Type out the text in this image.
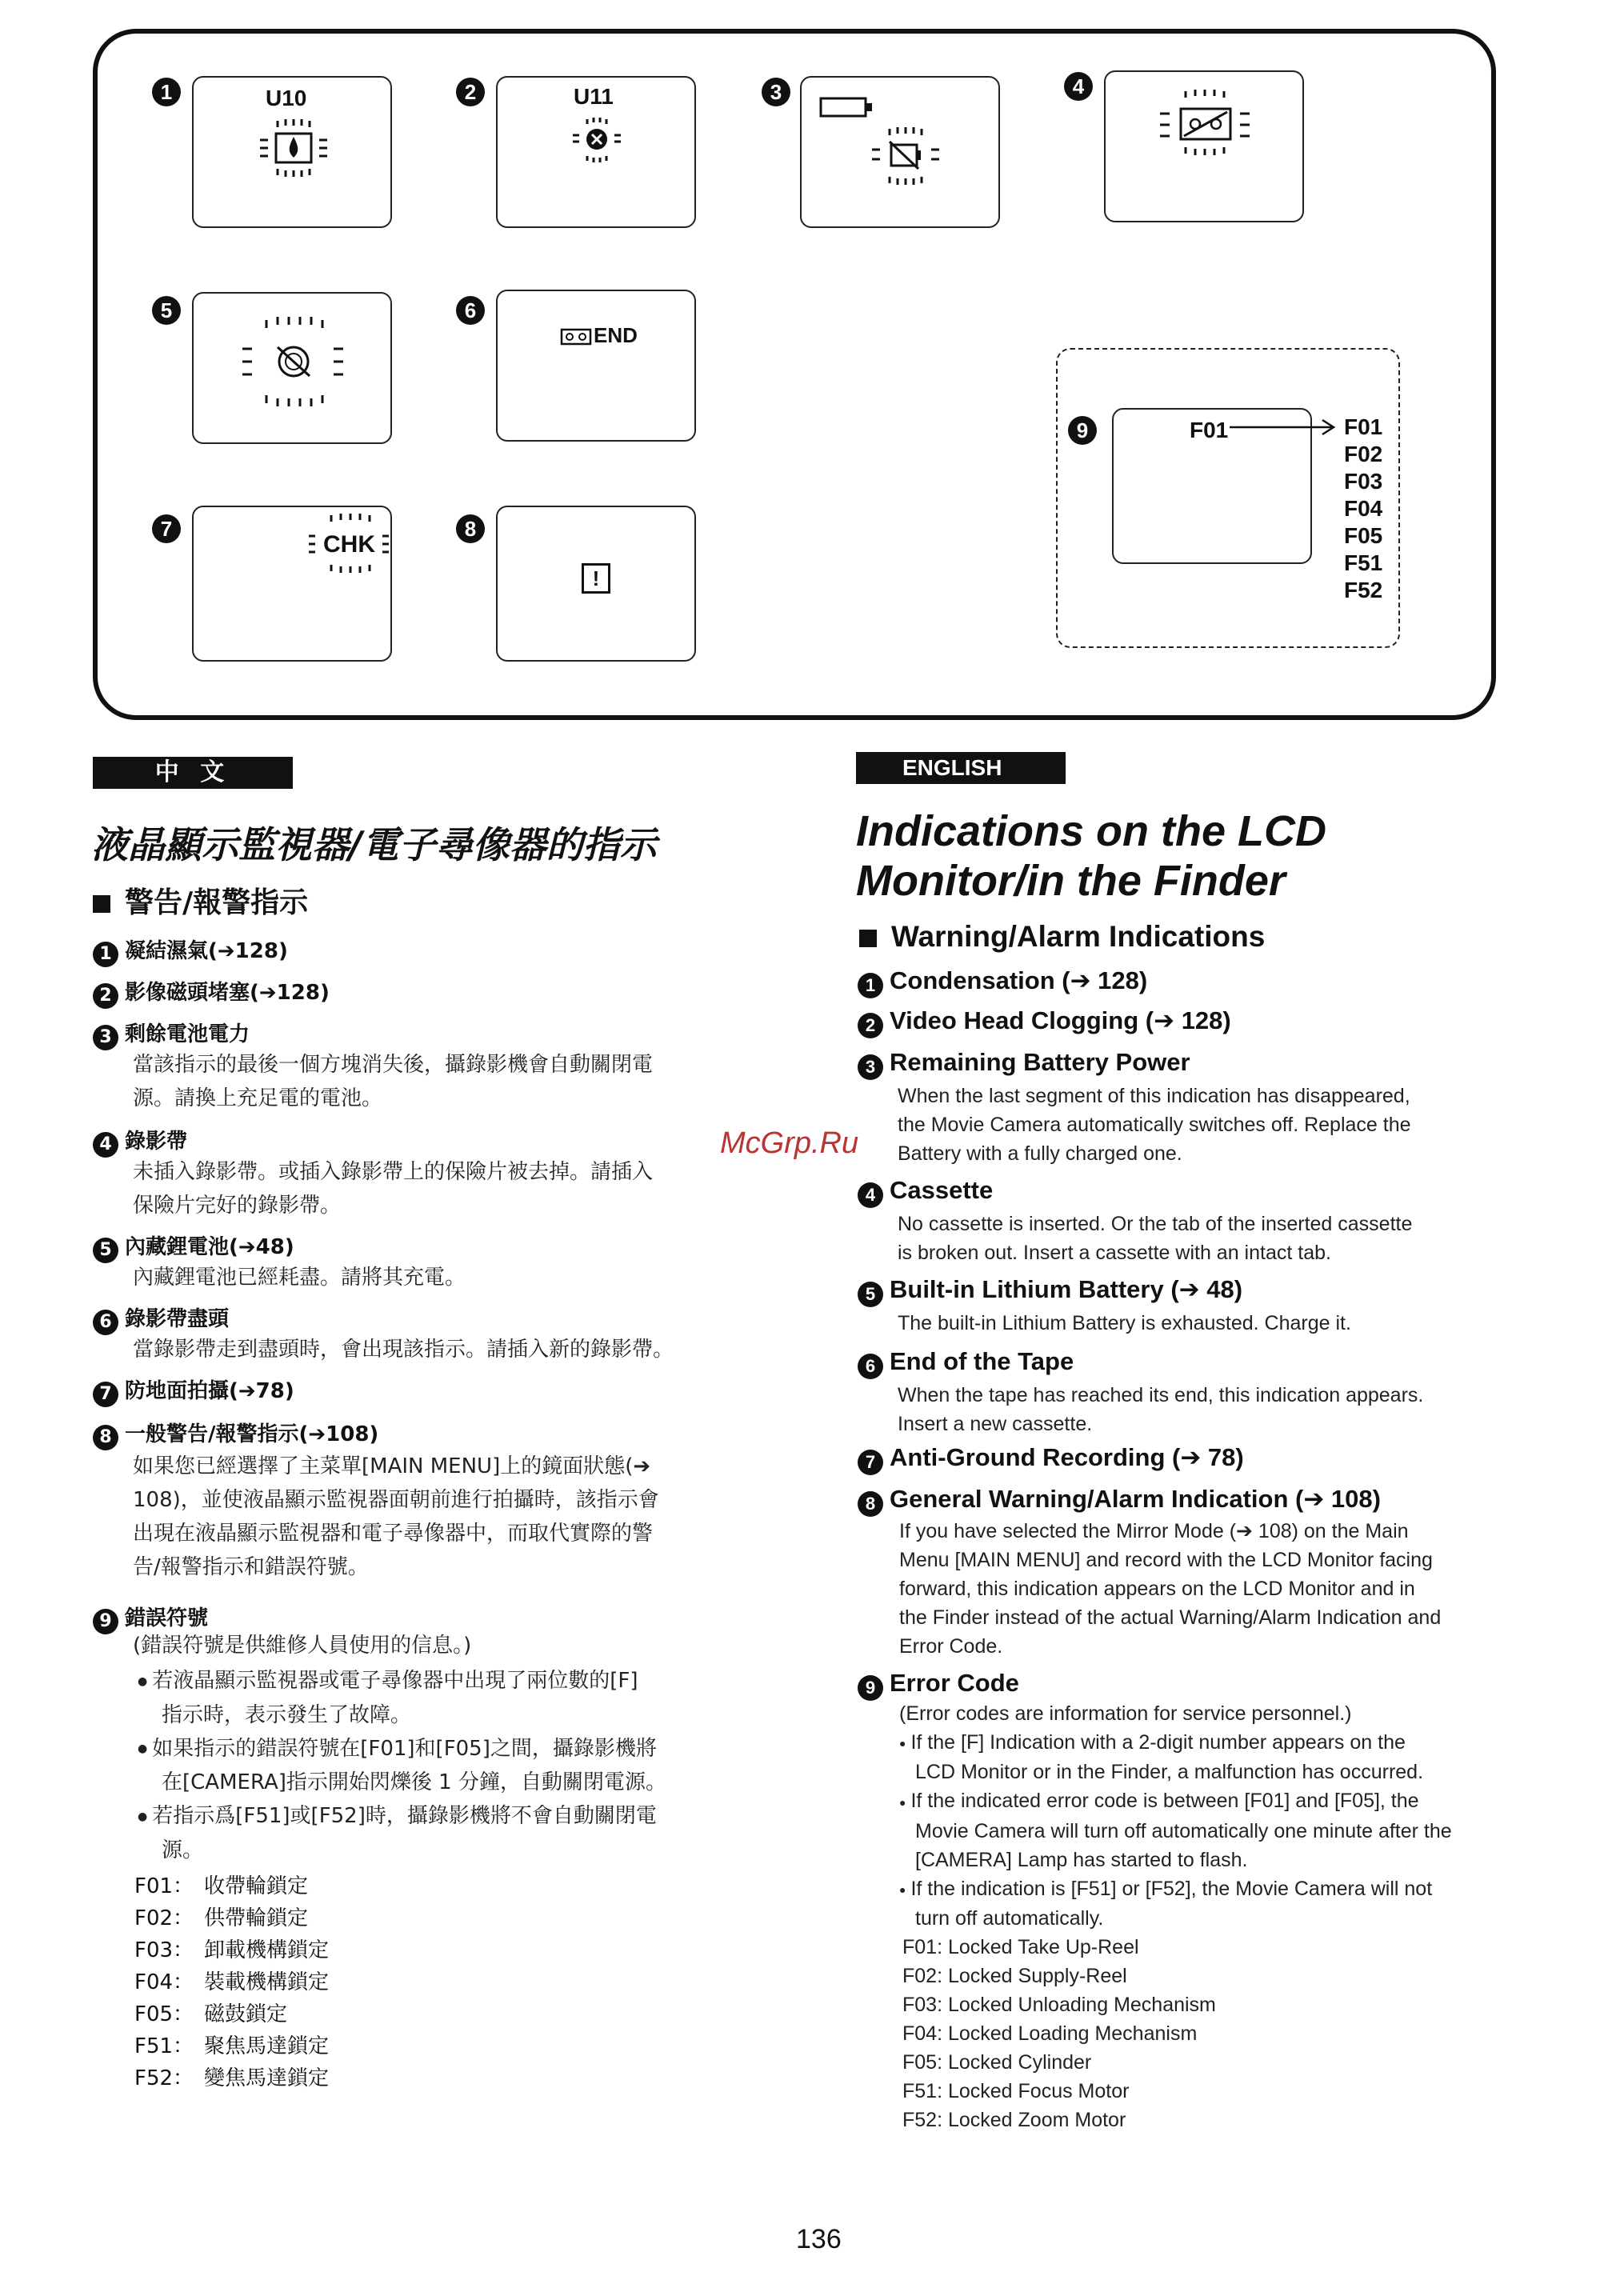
1	U10	2	U11	3	4
5	6
END
7
CHK
8
!
9	F01	F01
F02
F03
F04
F05
F51
F52
中 文
液晶顯示監視器/電子尋像器的指示
警告/報警指示
1 凝結濕氣(➔128)
2 影像磁頭堵塞(➔128)
3 剩餘電池電力
當該指示的最後一個方塊消失後，攝錄影機會自動關閉電
源。請換上充足電的電池。
4 錄影帶
未插入錄影帶。或插入錄影帶上的保險片被去掉。請插入
保險片完好的錄影帶。
5 內藏鋰電池(➔48)
內藏鋰電池已經耗盡。請將其充電。
6 錄影帶盡頭
當錄影帶走到盡頭時，會出現該指示。請插入新的錄影帶。
7 防地面拍攝(➔78)
8 一般警告/報警指示(➔108)
如果您已經選擇了主菜單[MAIN MENU]上的鏡面狀態(➔
108)，並使液晶顯示監視器面朝前進行拍攝時，該指示會
出現在液晶顯示監視器和電子尋像器中，而取代實際的警
告/報警指示和錯誤符號。
9 錯誤符號
(錯誤符號是供維修人員使用的信息。)
● 若液晶顯示監視器或電子尋像器中出現了兩位數的[F]
指示時，表示發生了故障。
● 如果指示的錯誤符號在[F01]和[F05]之間，攝錄影機將
在[CAMERA]指示開始閃爍後 1 分鐘，自動關閉電源。
● 若指示爲[F51]或[F52]時，攝錄影機將不會自動關閉電
源。
F01：　收帶輪鎖定
F02：　供帶輪鎖定
F03：　卸載機構鎖定
F04：　裝載機構鎖定
F05：　磁鼓鎖定
F51：　聚焦馬達鎖定
F52：　變焦馬達鎖定
McGrp.Ru
ENGLISH
Indications on the LCD
Monitor/in the Finder
Warning/Alarm Indications
1 Condensation (➔ 128)
2 Video Head Clogging (➔ 128)
3 Remaining Battery Power
When the last segment of this indication has disappeared,
the Movie Camera automatically switches off. Replace the
Battery with a fully charged one.
4 Cassette
No cassette is inserted. Or the tab of the inserted cassette
is broken out. Insert a cassette with an intact tab.
5 Built-in Lithium Battery (➔ 48)
The built-in Lithium Battery is exhausted. Charge it.
6 End of the Tape
When the tape has reached its end, this indication appears.
Insert a new cassette.
7 Anti-Ground Recording (➔ 78)
8 General Warning/Alarm Indication (➔ 108)
If you have selected the Mirror Mode (➔ 108) on the Main
Menu [MAIN MENU] and record with the LCD Monitor facing
forward, this indication appears on the LCD Monitor and in
the Finder instead of the actual Warning/Alarm Indication and
Error Code.
9 Error Code
(Error codes are information for service personnel.)
● If the [F] Indication with a 2-digit number appears on the
LCD Monitor or in the Finder, a malfunction has occurred.
● If the indicated error code is between [F01] and [F05], the
Movie Camera will turn off automatically one minute after the
[CAMERA] Lamp has started to flash.
● If the indication is [F51] or [F52], the Movie Camera will not
turn off automatically.
F01: Locked Take Up-Reel
F02: Locked Supply-Reel
F03: Locked Unloading Mechanism
F04: Locked Loading Mechanism
F05: Locked Cylinder
F51: Locked Focus Motor
F52: Locked Zoom Motor
136
